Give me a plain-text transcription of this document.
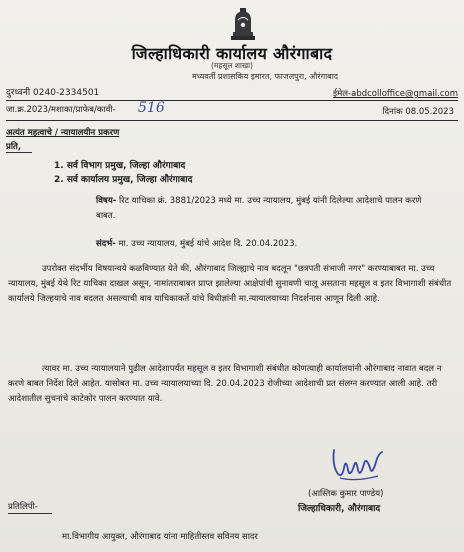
जिल्हाधिकारी कार्यालय औरंगाबाद
(महसूल शाखा)
मध्यवर्ती प्रशासकिय इमारत, फाजलपुरा, औरंगाबाद
दुरध्वनी 0240-2334501	ईमेल-abdcolloffice@gmail.com
जा.क्र.2023/मशाका/प्राफेब/कावी- 516	दिनांक 08.05.2023
अत्यंत महत्वाचे / न्यायालयीन प्रकरण
प्रति,
1. सर्व विभाग प्रमुख, जिल्हा औरंगाबाद
2. सर्व कार्यालय प्रमुख, जिल्हा औरंगाबाद
विषय- रिट याचिका क्रं. 3881/2023 मध्ये मा. उच्च न्यायालय, मुंबई यांनी दिलेल्या आदेशाचे पालन करणे बाबत.
संदर्भ- मा. उच्च न्यायालय, मुंबई यांचे आदेश दि. 20.04.2023.
उपरोक्त संदर्भीय विषयान्वये कळविण्यात येते की, औरंगाबाद जिल्ह्याचे नाव बदलून "छत्रपती संभाजी नगर" करण्याबाबत मा. उच्च न्यायालय, मुंबई येथे रिट याचिका दाखल असून, नामांतराबाबत प्राप्त झालेल्या आक्षेपांची सुनावणी चालू असताना महसूल व इतर विभागाशी संबंधीत कार्यालये जिल्हयाचे नाव बदलत असल्याची बाब याचिकाकर्ते यांचे विधीज्ञांनी मा.न्यायालयाच्या निदर्शनास आणून दिली आहे.
त्यावर मा. उच्च न्यायालयाने पुढील आदेशापर्यंत महसूल व इतर विभागाशी संबंधीत कोणत्याही कार्यालयांनी औरंगाबाद नावात बदल न करणे बाबत निर्देश दिले आहेत. यासोबत मा. उच्च न्यायालयाच्या दि. 20.04.2023 रोजीच्या आदेशाची प्रत संलग्न करण्यात आली आहे. तरी आदेशातील सुचनांचे काटेकोर पालन करण्यात यावे.
(आस्तिक कुमार पाण्डेय)
जिल्हाधिकारी, औरंगाबाद
प्रतिलिपी-
मा.विभागीय आयुक्त, औरंगाबाद यांना माहितीस्तव सविनय सादर
